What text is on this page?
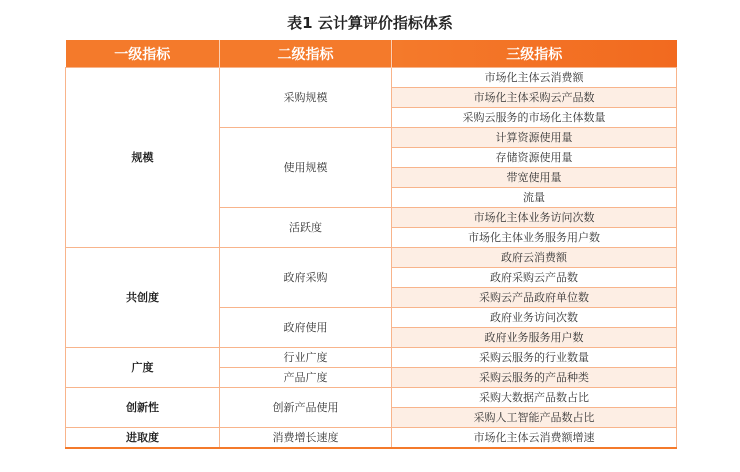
表1 云计算评价指标体系
一级指标	二级指标	三级指标
规模	采购规模	市场化主体云消费额
		市场化主体采购云产品数
		采购云服务的市场化主体数量
	使用规模	计算资源使用量
		存储资源使用量
		带宽使用量
		流量
	活跃度	市场化主体业务访问次数
		市场化主体业务服务用户数
共创度	政府采购	政府云消费额
		政府采购云产品数
		采购云产品政府单位数
	政府使用	政府业务访问次数
		政府业务服务用户数
广度	行业广度	采购云服务的行业数量
	产品广度	采购云服务的产品种类
创新性	创新产品使用	采购大数据产品数占比
		采购人工智能产品数占比
进取度	消费增长速度	市场化主体云消费额增速
